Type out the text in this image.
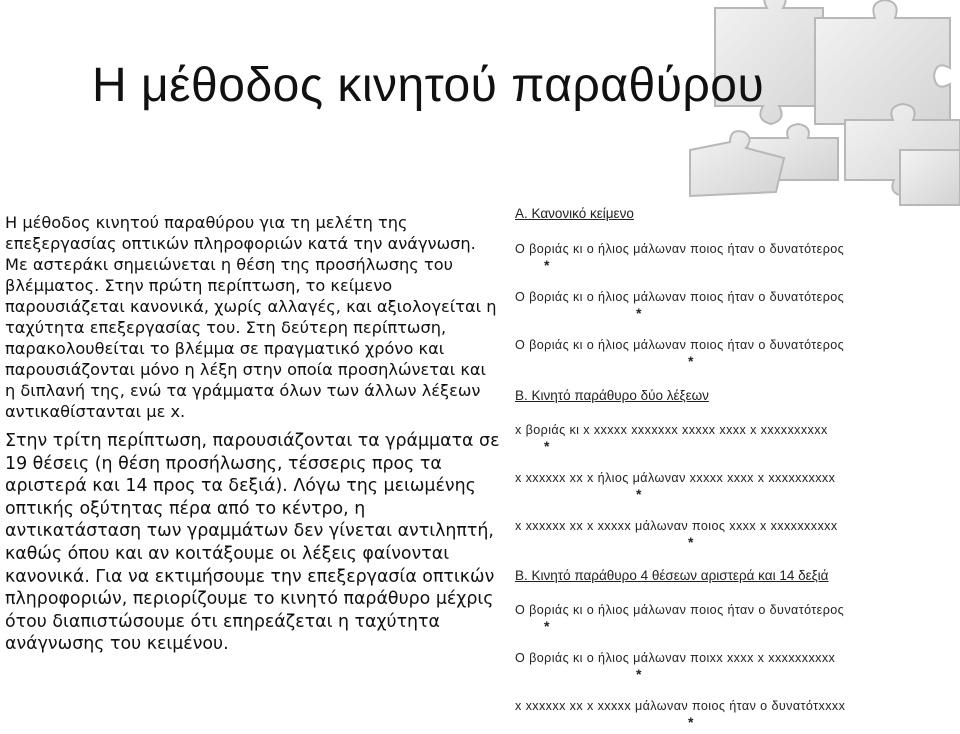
Η μέθοδος κινητού παραθύρου

Η μέθοδος κινητού παραθύρου για τη μελέτη της επεξεργασίας οπτικών πληροφοριών κατά την ανάγνωση. Με αστεράκι σημειώνεται η θέση της προσήλωσης του βλέμματος. Στην πρώτη περίπτωση, το κείμενο παρουσιάζεται κανονικά, χωρίς αλλαγές, και αξιολογείται η ταχύτητα επεξεργασίας του. Στη δεύτερη περίπτωση, παρακολουθείται το βλέμμα σε πραγματικό χρόνο και παρουσιάζονται μόνο η λέξη στην οποία προσηλώνεται και η διπλανή της, ενώ τα γράμματα όλων των άλλων λέξεων αντικαθίστανται με x.

Στην τρίτη περίπτωση, παρουσιάζονται τα γράμματα σε 19 θέσεις (η θέση προσήλωσης, τέσσερις προς τα αριστερά και 14 προς τα δεξιά). Λόγω της μειωμένης οπτικής οξύτητας πέρα από το κέντρο, η αντικατάσταση των γραμμάτων δεν γίνεται αντιληπτή, καθώς όπου και αν κοιτάξουμε οι λέξεις φαίνονται κανονικά. Για να εκτιμήσουμε την επεξεργασία οπτικών πληροφοριών, περιορίζουμε το κινητό παράθυρο μέχρις ότου διαπιστώσουμε ότι επηρεάζεται η ταχύτητα ανάγνωσης του κειμένου.

Α. Κανονικό κείμενο
Ο βοριάς κι ο ήλιος μάλωναν ποιος ήταν ο δυνατότερος
*
Ο βοριάς κι ο ήλιος μάλωναν ποιος ήταν ο δυνατότερος
*
Ο βοριάς κι ο ήλιος μάλωναν ποιος ήταν ο δυνατότερος
*
Β. Κινητό παράθυρο δύο λέξεων
x βοριάς κι x xxxxx xxxxxxx xxxxx xxxx x xxxxxxxxxx
*
x xxxxxx xx x ήλιος μάλωναν xxxxx xxxx x xxxxxxxxxx
*
x xxxxxx xx x xxxxx μάλωναν ποιος xxxx x xxxxxxxxxx
*
Β. Κινητό παράθυρο 4 θέσεων αριστερά και 14 δεξιά
Ο βοριάς κι ο ήλιος μάλωναν ποιος ήταν ο δυνατότερος
*
Ο βοριάς κι ο ήλιος μάλωναν ποιxx xxxx x xxxxxxxxxx
*
x xxxxxx xx x xxxxx μάλωναν ποιος ήταν ο δυνατότxxxx
*
